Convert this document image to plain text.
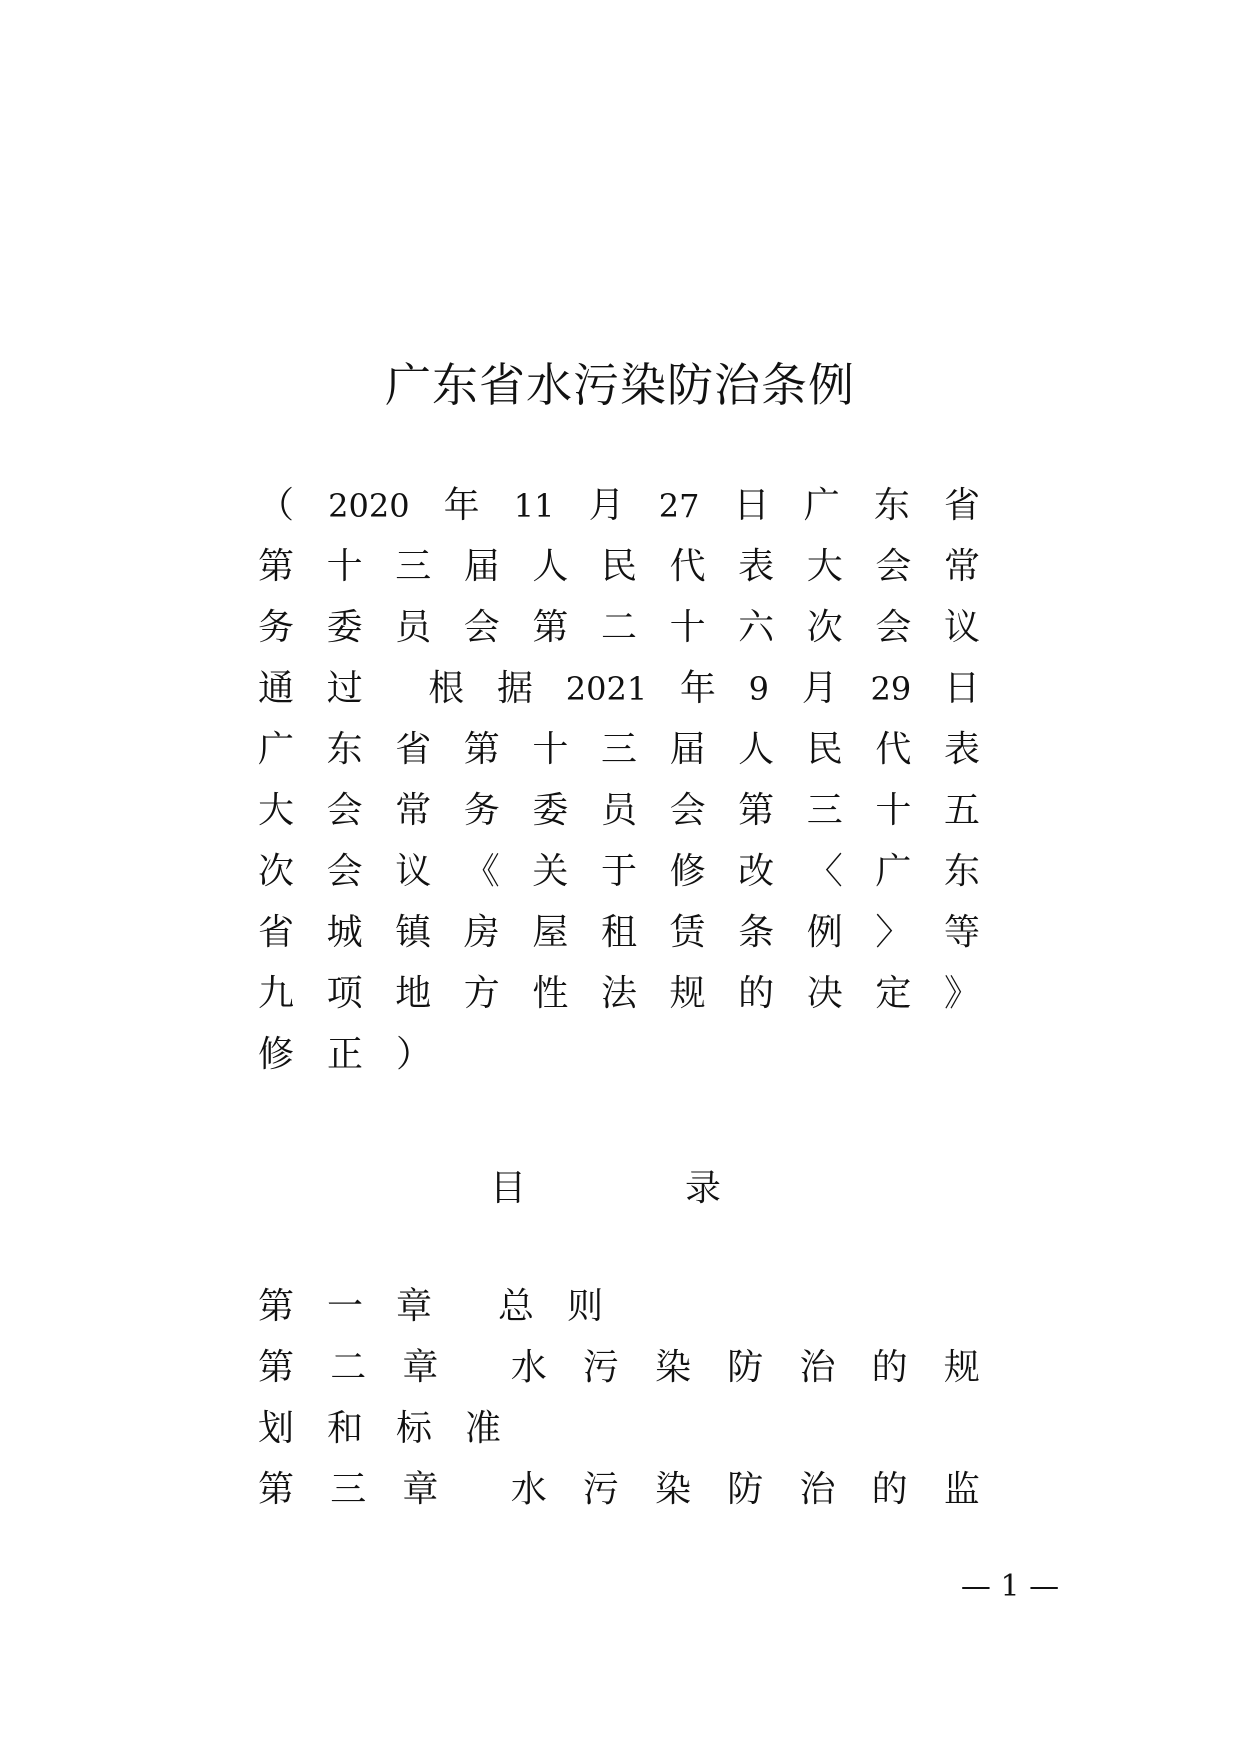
广东省水污染防治条例
（ 2020 年 11 月 27 日 广 东 省
第 十 三 届 人 民 代 表 大 会 常
务 委 员 会 第 二 十 六 次 会 议
通 过 根 据 2021 年 9 月 29 日
广 东 省 第 十 三 届 人 民 代 表
大 会 常 务 委 员 会 第 三 十 五
次 会 议 《 关 于 修 改 〈 广 东
省 城 镇 房 屋 租 赁 条 例 〉 等
九 项 地 方 性 法 规 的 决 定 》
修 正 ）
目	录
第 一 章 总 则
第 二 章 水 污 染 防 治 的 规
划 和 标 准
第 三 章 水 污 染 防 治 的 监
— 1 —
